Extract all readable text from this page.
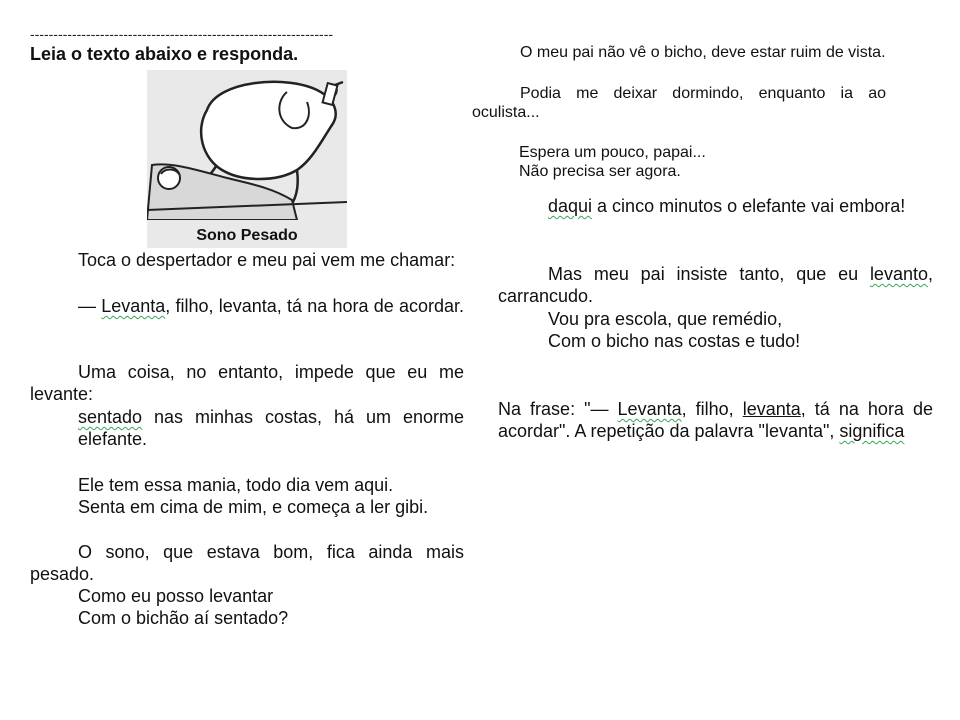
-----------------------------------------------------------------
Leia o texto abaixo e responda.
Sono Pesado
Toca o despertador e meu pai vem me chamar:
— Levanta, filho, levanta, tá na hora de acordar.
Uma coisa, no entanto, impede que eu me levante:
sentado nas minhas costas, há um enorme elefante.
Ele tem essa mania, todo dia vem aqui.
Senta em cima de mim, e começa a ler gibi.
O sono, que estava bom, fica ainda mais pesado.
Como eu posso levantar
Com o bichão aí sentado?
O meu pai não vê o bicho, deve estar ruim de vista.
Podia me deixar dormindo, enquanto ia ao oculista...
Espera um pouco, papai...
Não precisa ser agora.
daqui a cinco minutos o elefante vai embora!
Mas meu pai insiste tanto, que eu levanto, carrancudo.
Vou pra escola, que remédio,
Com o bicho nas costas e tudo!
Na frase: "— Levanta, filho, levanta, tá na hora de acordar". A repetição da palavra "levanta", significa
